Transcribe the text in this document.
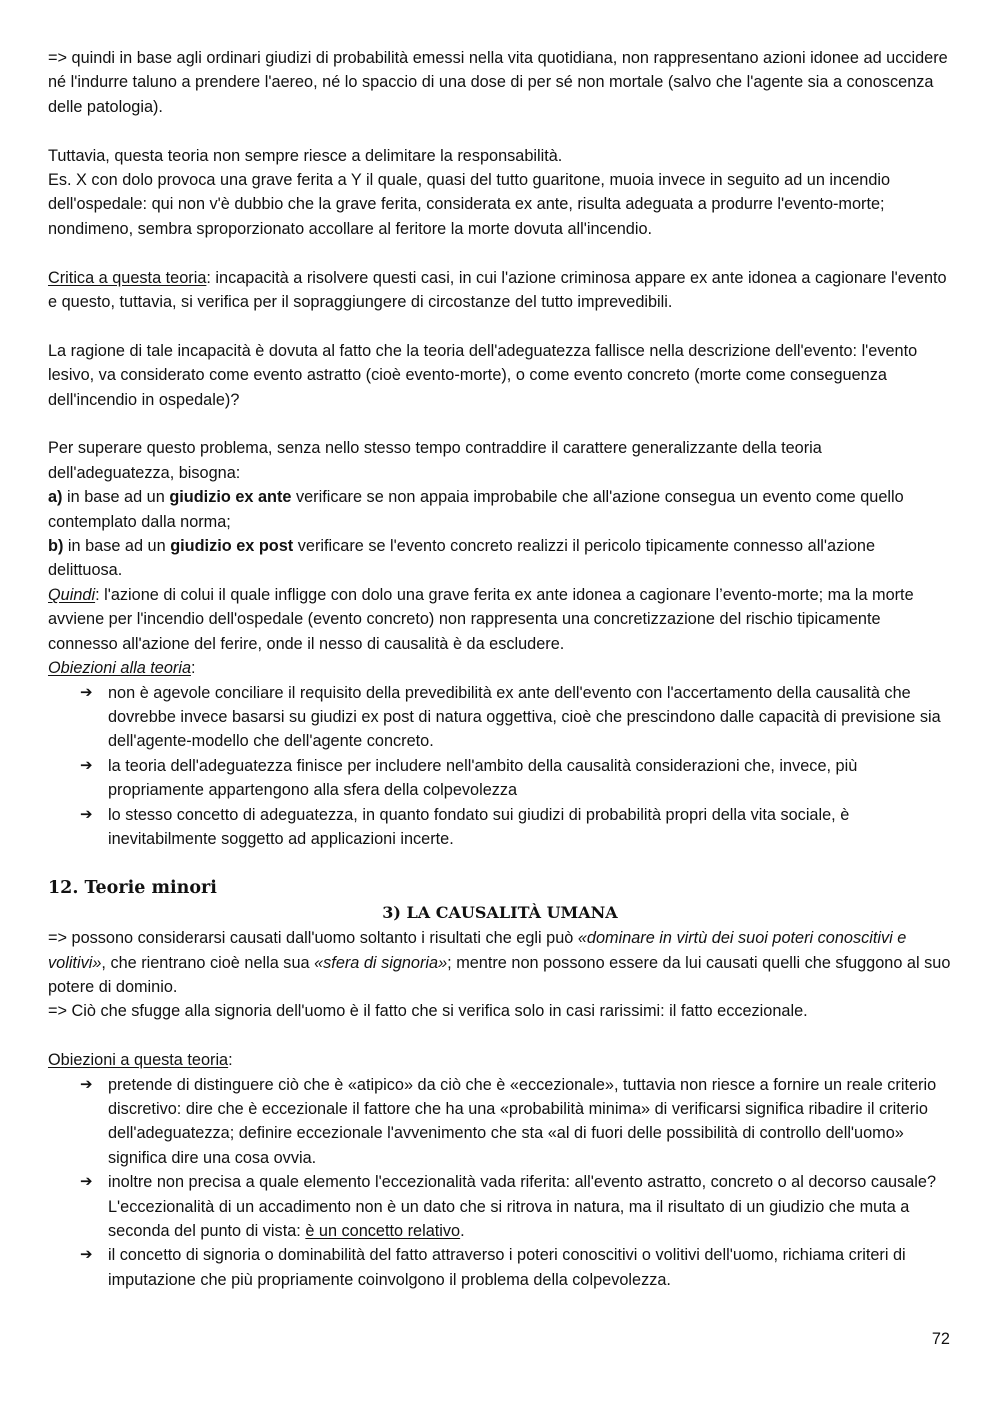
=> quindi in base agli ordinari giudizi di probabilità emessi nella vita quotidiana, non rappresentano azioni idonee ad uccidere né l'indurre taluno a prendere l'aereo, né lo spaccio di una dose di per sé non mortale (salvo che l'agente sia a conoscenza delle patologia).

Tuttavia, questa teoria non sempre riesce a delimitare la responsabilità.

Es. X con dolo provoca una grave ferita a Y il quale, quasi del tutto guaritone, muoia invece in seguito ad un incendio dell'ospedale: qui non v'è dubbio che la grave ferita, considerata ex ante, risulta adeguata a produrre l'evento-morte; nondimeno, sembra sproporzionato accollare al feritore la morte dovuta all'incendio.

Critica a questa teoria: incapacità a risolvere questi casi, in cui l'azione criminosa appare ex ante idonea a cagionare l'evento e questo, tuttavia, si verifica per il sopraggiungere di circostanze del tutto imprevedibili.

La ragione di tale incapacità è dovuta al fatto che la teoria dell'adeguatezza fallisce nella descrizione dell'evento: l'evento lesivo, va considerato come evento astratto (cioè evento-morte), o come evento concreto (morte come conseguenza dell'incendio in ospedale)?

Per superare questo problema, senza nello stesso tempo contraddire il carattere generalizzante della teoria dell'adeguatezza, bisogna:

a) in base ad un giudizio ex ante verificare se non appaia improbabile che all'azione consegua un evento come quello contemplato dalla norma;

b) in base ad un giudizio ex post verificare se l'evento concreto realizzi il pericolo tipicamente connesso all'azione delittuosa.

Quindi: l'azione di colui il quale infligge con dolo una grave ferita ex ante idonea a cagionare l’evento-morte; ma la morte avviene per l'incendio dell'ospedale (evento concreto) non rappresenta una concretizzazione del rischio tipicamente connesso all'azione del ferire, onde il nesso di causalità è da escludere.

Obiezioni alla teoria:

➔ non è agevole conciliare il requisito della prevedibilità ex ante dell'evento con l'accertamento della causalità che dovrebbe invece basarsi su giudizi ex post di natura oggettiva, cioè che prescindono dalle capacità di previsione sia dell'agente-modello che dell'agente concreto.
➔ la teoria dell'adeguatezza finisce per includere nell'ambito della causalità considerazioni che, invece, più propriamente appartengono alla sfera della colpevolezza
➔ lo stesso concetto di adeguatezza, in quanto fondato sui giudizi di probabilità propri della vita sociale, è inevitabilmente soggetto ad applicazioni incerte.
12. Teorie minori
3) LA CAUSALITÀ UMANA

=> possono considerarsi causati dall'uomo soltanto i risultati che egli può «dominare in virtù dei suoi poteri conoscitivi e volitivi», che rientrano cioè nella sua «sfera di signoria»; mentre non possono essere da lui causati quelli che sfuggono al suo potere di dominio.

=> Ciò che sfugge alla signoria dell'uomo è il fatto che si verifica solo in casi rarissimi: il fatto eccezionale.

Obiezioni a questa teoria:

➔ pretende di distinguere ciò che è «atipico» da ciò che è «eccezionale», tuttavia non riesce a fornire un reale criterio discretivo: dire che è eccezionale il fattore che ha una «probabilità minima» di verificarsi significa ribadire il criterio dell'adeguatezza; definire eccezionale l'avvenimento che sta «al di fuori delle possibilità di controllo dell'uomo» significa dire una cosa ovvia.
➔ inoltre non precisa a quale elemento l'eccezionalità vada riferita: all'evento astratto, concreto o al decorso causale? L'eccezionalità di un accadimento non è un dato che si ritrova in natura, ma il risultato di un giudizio che muta a seconda del punto di vista: è un concetto relativo.
➔ il concetto di signoria o dominabilità del fatto attraverso i poteri conoscitivi o volitivi dell'uomo, richiama criteri di imputazione che più propriamente coinvolgono il problema della colpevolezza.
72
